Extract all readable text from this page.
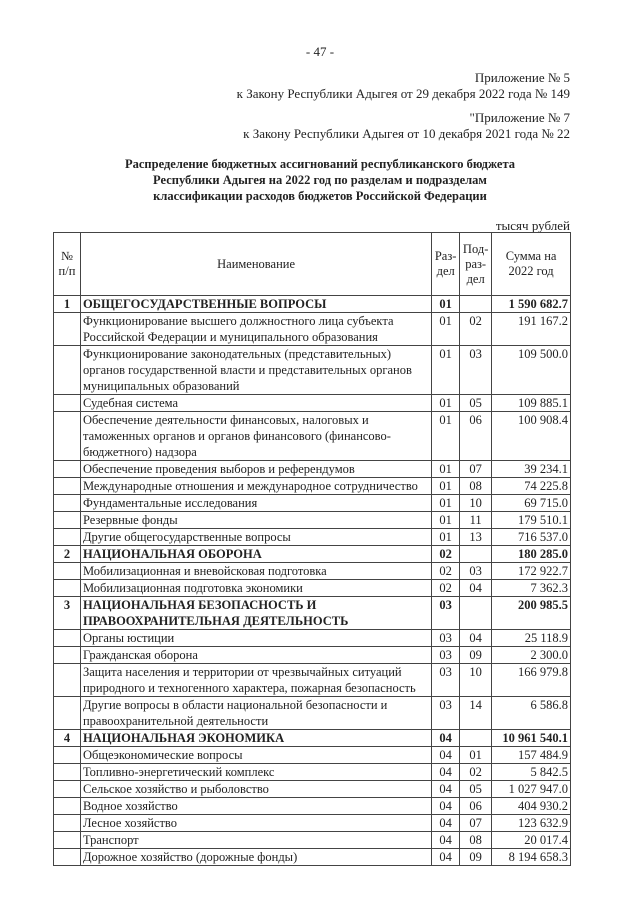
- 47 -
Приложение № 5
к Закону Республики Адыгея от 29 декабря 2022 года № 149
"Приложение № 7
к Закону Республики Адыгея от 10 декабря 2021 года № 22
Распределение бюджетных ассигнований республиканского бюджета
Республики Адыгея на 2022 год по разделам и подразделам
классификации расходов бюджетов Российской Федерации
тысяч рублей
№ п/п	Наименование	Раз-дел	Под-раз-дел	Сумма на 2022 год
1	ОБЩЕГОСУДАРСТВЕННЫЕ ВОПРОСЫ	01		1 590 682.7
	Функционирование высшего должностного лица субъекта Российской Федерации и муниципального образования	01	02	191 167.2
	Функционирование законодательных (представительных) органов государственной власти и представительных органов муниципальных образований	01	03	109 500.0
	Судебная система	01	05	109 885.1
	Обеспечение деятельности финансовых, налоговых и таможенных органов и органов финансового (финансово-бюджетного) надзора	01	06	100 908.4
	Обеспечение проведения выборов и референдумов	01	07	39 234.1
	Международные отношения и международное сотрудничество	01	08	74 225.8
	Фундаментальные исследования	01	10	69 715.0
	Резервные фонды	01	11	179 510.1
	Другие общегосударственные вопросы	01	13	716 537.0
2	НАЦИОНАЛЬНАЯ ОБОРОНА	02		180 285.0
	Мобилизационная и вневойсковая подготовка	02	03	172 922.7
	Мобилизационная подготовка экономики	02	04	7 362.3
3	НАЦИОНАЛЬНАЯ БЕЗОПАСНОСТЬ И ПРАВООХРАНИТЕЛЬНАЯ ДЕЯТЕЛЬНОСТЬ	03		200 985.5
	Органы юстиции	03	04	25 118.9
	Гражданская оборона	03	09	2 300.0
	Защита населения и территории от чрезвычайных ситуаций природного и техногенного характера, пожарная безопасность	03	10	166 979.8
	Другие вопросы в области национальной безопасности и правоохранительной деятельности	03	14	6 586.8
4	НАЦИОНАЛЬНАЯ ЭКОНОМИКА	04		10 961 540.1
	Общеэкономические вопросы	04	01	157 484.9
	Топливно-энергетический комплекс	04	02	5 842.5
	Сельское хозяйство и рыболовство	04	05	1 027 947.0
	Водное хозяйство	04	06	404 930.2
	Лесное хозяйство	04	07	123 632.9
	Транспорт	04	08	20 017.4
	Дорожное хозяйство (дорожные фонды)	04	09	8 194 658.3
